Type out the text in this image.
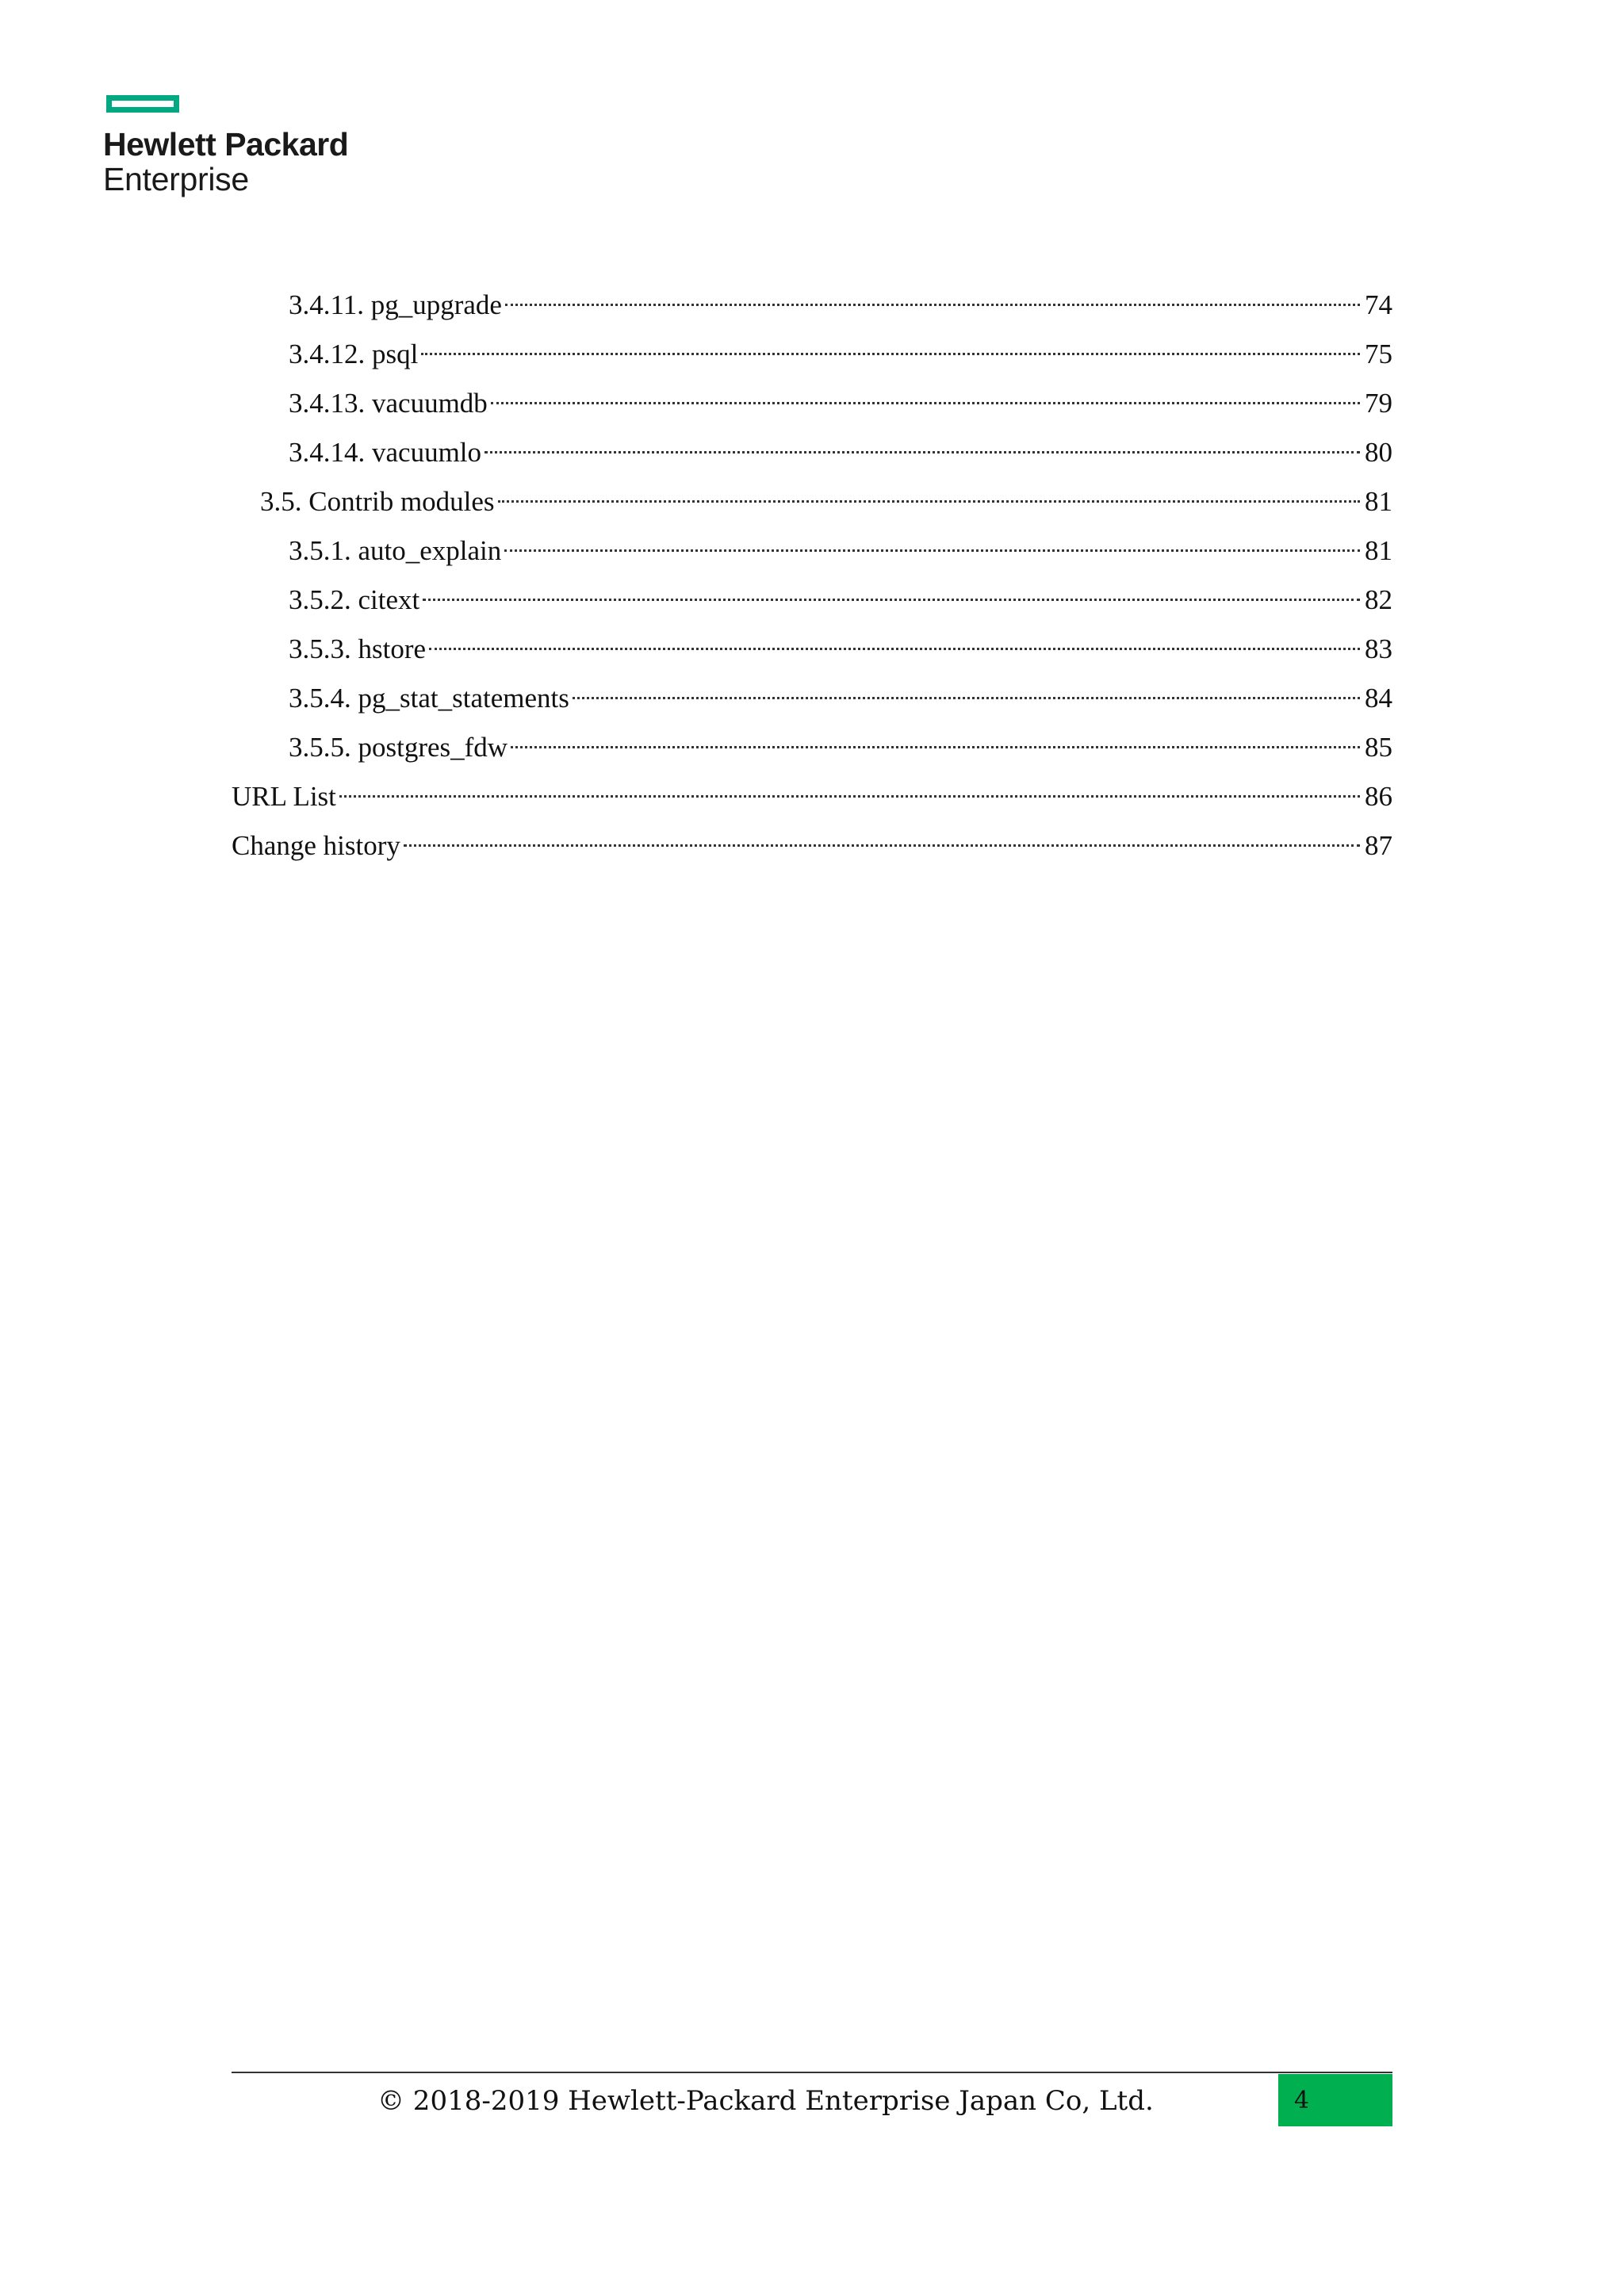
Hewlett Packard
Enterprise
3.4.11. pg_upgrade	74
3.4.12. psql	75
3.4.13. vacuumdb	79
3.4.14. vacuumlo	80
3.5. Contrib modules	81
3.5.1. auto_explain	81
3.5.2. citext	82
3.5.3. hstore	83
3.5.4. pg_stat_statements	84
3.5.5. postgres_fdw	85
URL List	86
Change history	87
© 2018-2019 Hewlett-Packard Enterprise Japan Co, Ltd.	4
